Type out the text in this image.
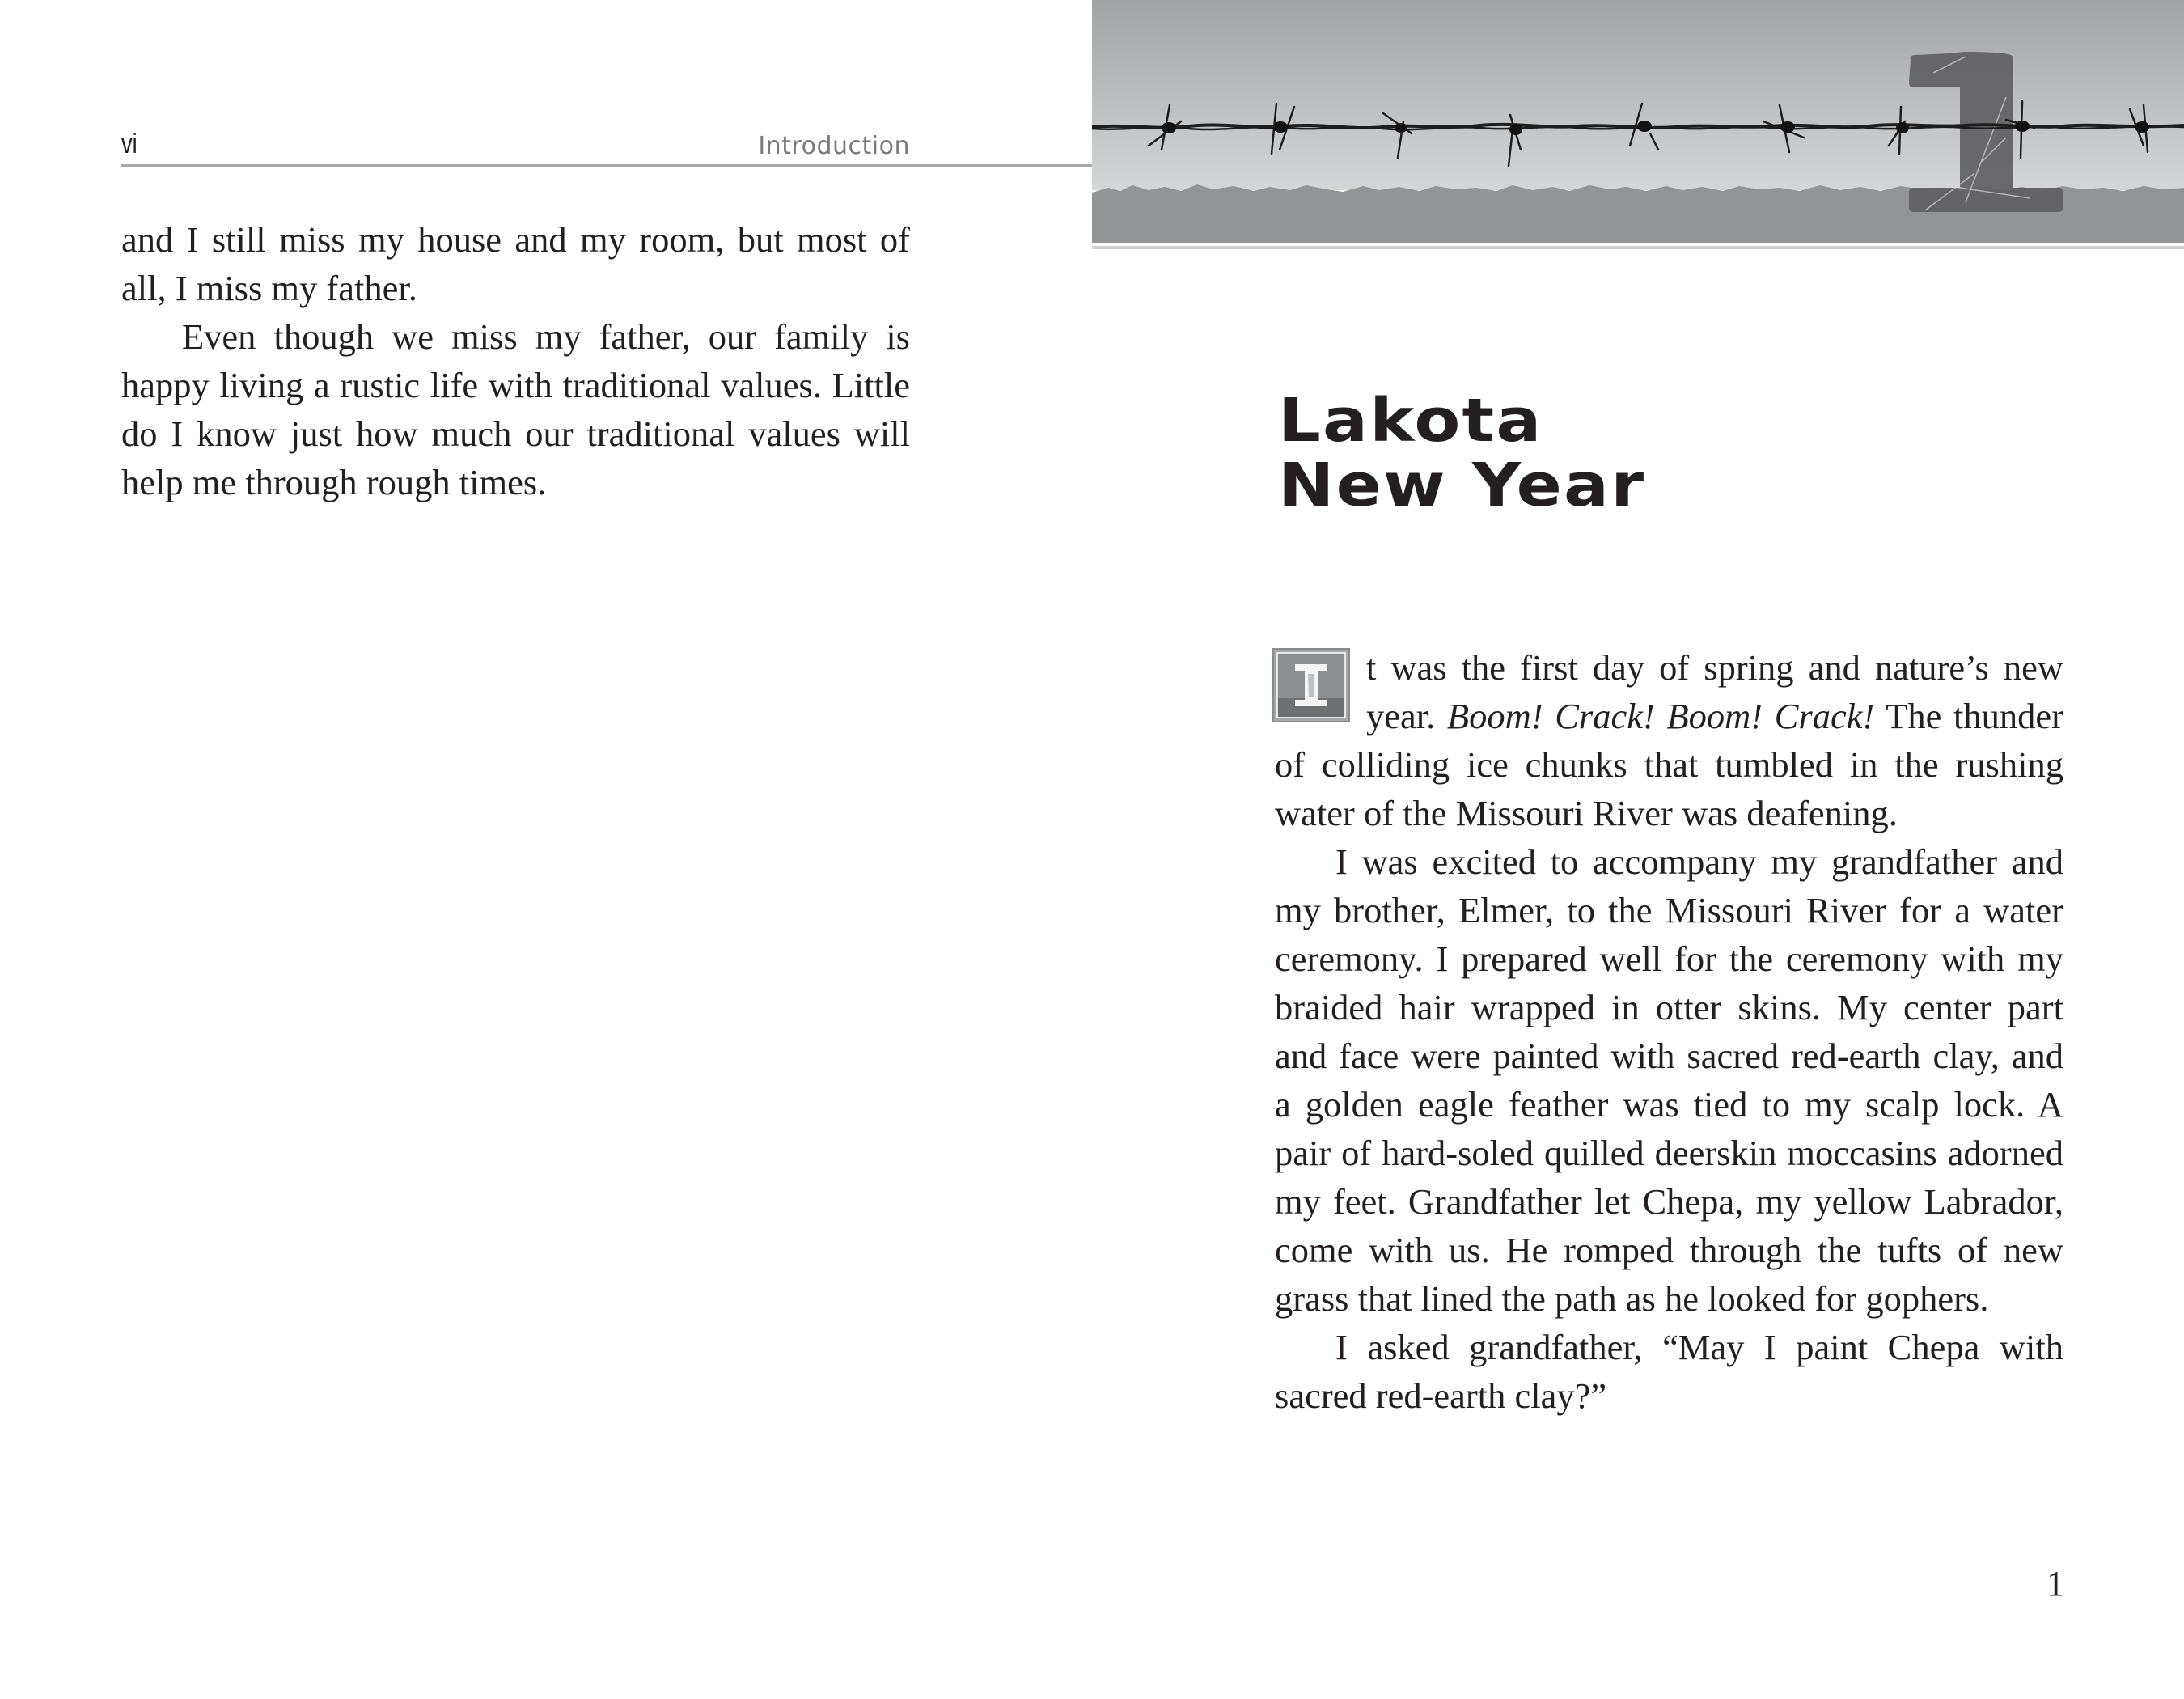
vi	Introduction

and I still miss my house and my room, but most of all, I miss my father.

Even though we miss my father, our family is happy living a rustic life with traditional values. Little do I know just how much our traditional values will help me through rough times.

Lakota
New Year

I
t was the first day of spring and nature’s new year. Boom! Crack! Boom! Crack! The thunder of colliding ice chunks that tumbled in the rushing water of the Missouri River was deafening.

I was excited to accompany my grandfather and my brother, Elmer, to the Missouri River for a water ceremony. I prepared well for the ceremony with my braided hair wrapped in otter skins. My center part and face were painted with sacred red-earth clay, and a golden eagle feather was tied to my scalp lock. A pair of hard-soled quilled deerskin moccasins adorned my feet. Grandfather let Chepa, my yellow Labrador, come with us. He romped through the tufts of new grass that lined the path as he looked for gophers.

I asked grandfather, “May I paint Chepa with sacred red-earth clay?”

1
